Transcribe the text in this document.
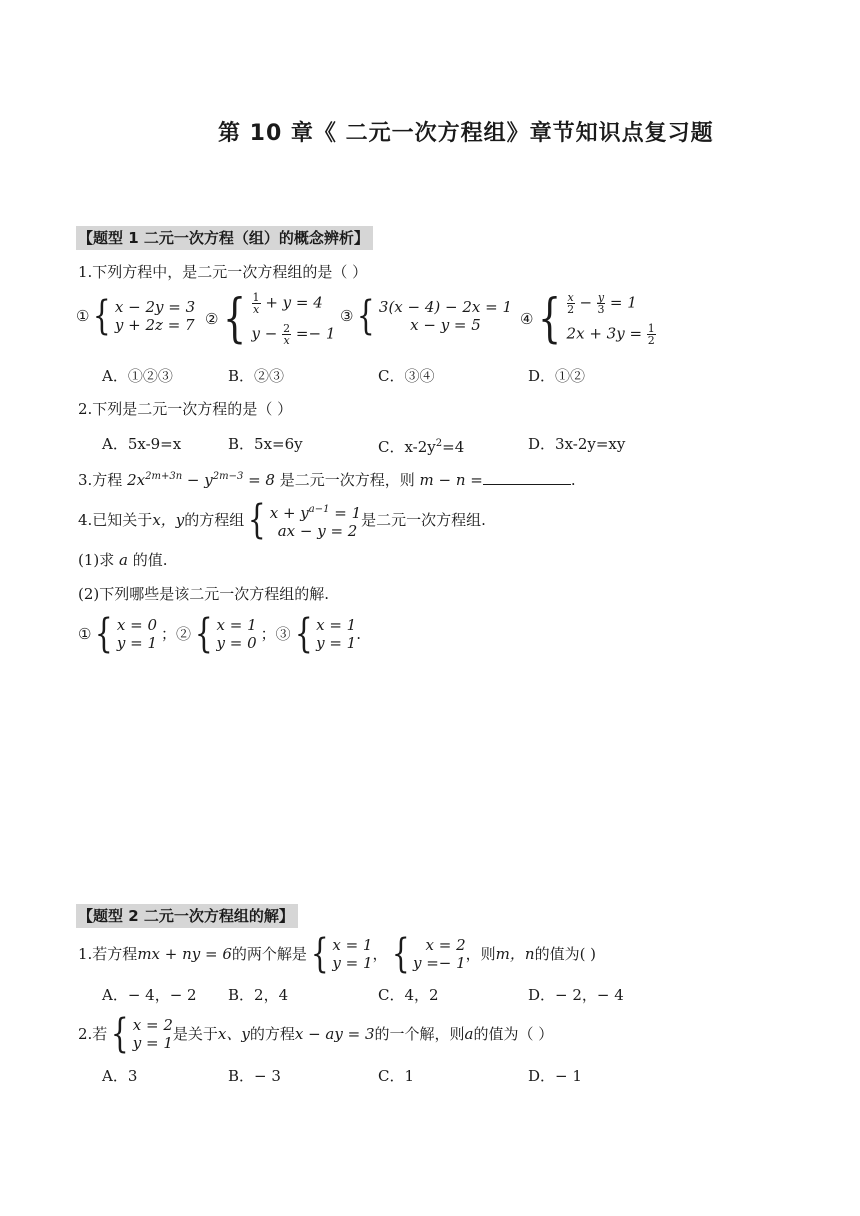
第 10 章《 二元一次方程组》章节知识点复习题
【题型 1 二元一次方程（组）的概念辨析】
1.下列方程中，是二元一次方程组的是（ ）
① { x − 2y = 3
y + 2z = 7 ② { $\frac{1}{x} + y = 4$
$y - \frac{2}{x} =- 1$
③ { 3(x − 4) − 2x = 1
x − y = 5	④ { $\frac{x}{2} - \frac{y}{3} = 1$
$2x + 3y = \frac{1}{2}$
A．①②③	B．②③	C．③④	D．①②
2.下列是二元一次方程的是（ ）
A．5x-9=x	B．5x=6y	C．$x-2y^2=4$	D．3x-2y=xy
3.方程 $2x^{2m+3n} - y^{2m-3} = 8$ 是二元一次方程，则 m − n =	.
4.已知关于 x，y 的方程组 { $x + y^{a-1} = 1$
ax − y = 2
是二元一次方程组.
(1)求 a 的值.
(2)下列哪些是该二元一次方程组的解.
① { x = 0
y = 1 ；② { x = 1
y = 0 ；③ { x = 1
y = 1 .
【题型 2 二元一次方程组的解】
1.若方程 mx + ny = 6 的两个解是 { x = 1
y = 1 ， { x = 2
y =− 1 ，则 m，n 的值为( )
A．− 4，− 2 B．2，4	C．4，2	D．− 2，− 4
2.若 { x = 2
y = 1 是关于 x、y 的方程 x − ay = 3 的一个解，则 a 的值为（ ）
A．3	B．− 3	C．1	D．− 1
